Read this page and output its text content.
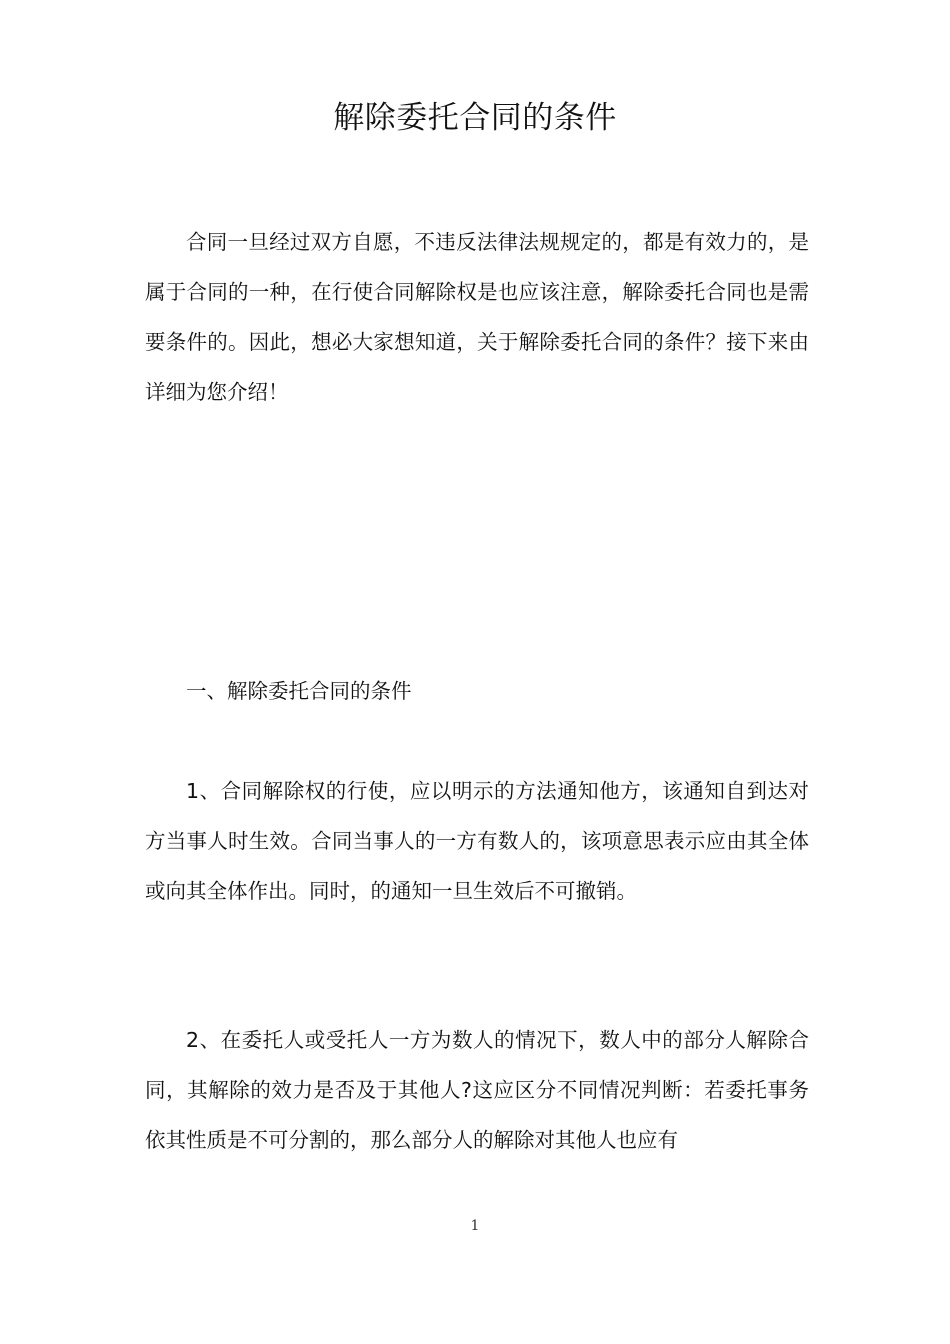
解除委托合同的条件

合同一旦经过双方自愿，不违反法律法规规定的，都是有效力的，是属于合同的一种，在行使合同解除权是也应该注意，解除委托合同也是需要条件的。因此，想必大家想知道，关于解除委托合同的条件？接下来由详细为您介绍！

一、解除委托合同的条件

1、合同解除权的行使，应以明示的方法通知他方，该通知自到达对方当事人时生效。合同当事人的一方有数人的，该项意思表示应由其全体或向其全体作出。同时，的通知一旦生效后不可撤销。

2、在委托人或受托人一方为数人的情况下，数人中的部分人解除合同，其解除的效力是否及于其他人?这应区分不同情况判断：若委托事务依其性质是不可分割的，那么部分人的解除对其他人也应有

1
